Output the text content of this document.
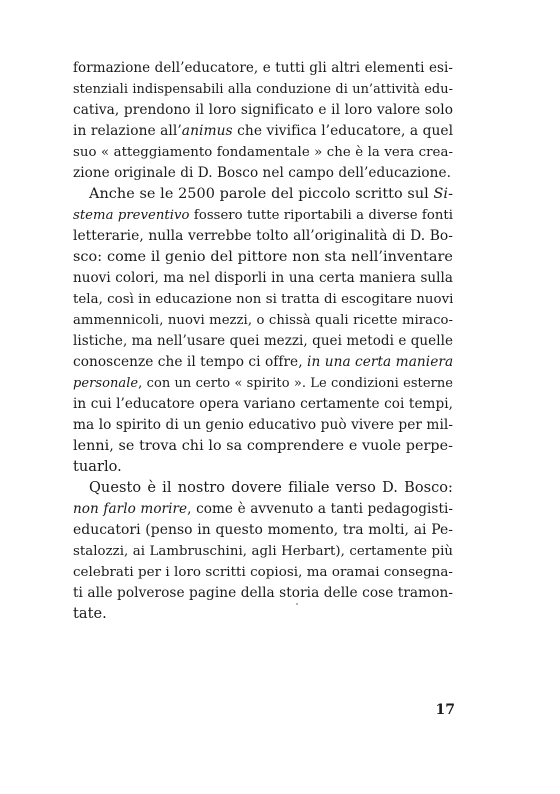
formazione dell’educatore, e tutti gli altri elementi esi-
stenziali indispensabili alla conduzione di un’attività edu-
cativa, prendono il loro significato e il loro valore solo
in relazione all’animus che vivifica l’educatore, a quel
suo « atteggiamento fondamentale » che è la vera crea-
zione originale di D. Bosco nel campo dell’educazione.
Anche se le 2500 parole del piccolo scritto sul Si-
stema preventivo fossero tutte riportabili a diverse fonti
letterarie, nulla verrebbe tolto all’originalità di D. Bo-
sco: come il genio del pittore non sta nell’inventare
nuovi colori, ma nel disporli in una certa maniera sulla
tela, così in educazione non si tratta di escogitare nuovi
ammennicoli, nuovi mezzi, o chissà quali ricette miraco-
listiche, ma nell’usare quei mezzi, quei metodi e quelle
conoscenze che il tempo ci offre, in una certa maniera
personale, con un certo « spirito ». Le condizioni esterne
in cui l’educatore opera variano certamente coi tempi,
ma lo spirito di un genio educativo può vivere per mil-
lenni, se trova chi lo sa comprendere e vuole perpe-
tuarlo.
Questo è il nostro dovere filiale verso D. Bosco:
non farlo morire, come è avvenuto a tanti pedagogisti-
educatori (penso in questo momento, tra molti, ai Pe-
stalozzi, ai Lambruschini, agli Herbart), certamente più
celebrati per i loro scritti copiosi, ma oramai consegna-
ti alle polverose pagine della storia delle cose tramon-
tate.
17
